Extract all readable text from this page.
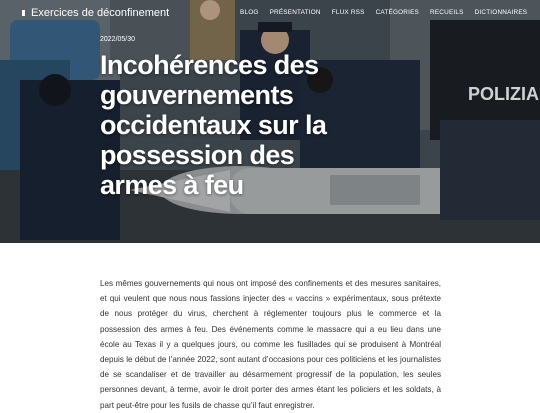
POLIZIA
Exercices de déconfinement	BLOG PRÉSENTATION FLUX RSS CATÉGORIES RECUEILS DICTIONNAIRES
2022/05/30
Incohérences des gouvernements occidentaux sur la possession des armes à feu

Les mêmes gouvernements qui nous ont imposé des confinements et des mesures sanitaires, et qui veulent que nous nous fassions injecter des « vaccins » expérimentaux, sous prétexte de nous protéger du virus, cherchent à réglementer toujours plus le commerce et la possession des armes à feu. Des événements comme le massacre qui a eu lieu dans une école au Texas il y a quelques jours, ou comme les fusillades qui se produisent à Montréal depuis le début de l’année 2022, sont autant d’occasions pour ces politiciens et les journalistes de se scandaliser et de travailler au désarmement progressif de la population, les seules personnes devant, à terme, avoir le droit porter des armes étant les policiers et les soldats, à part peut-être pour les fusils de chasse qu’il faut enregistrer.
